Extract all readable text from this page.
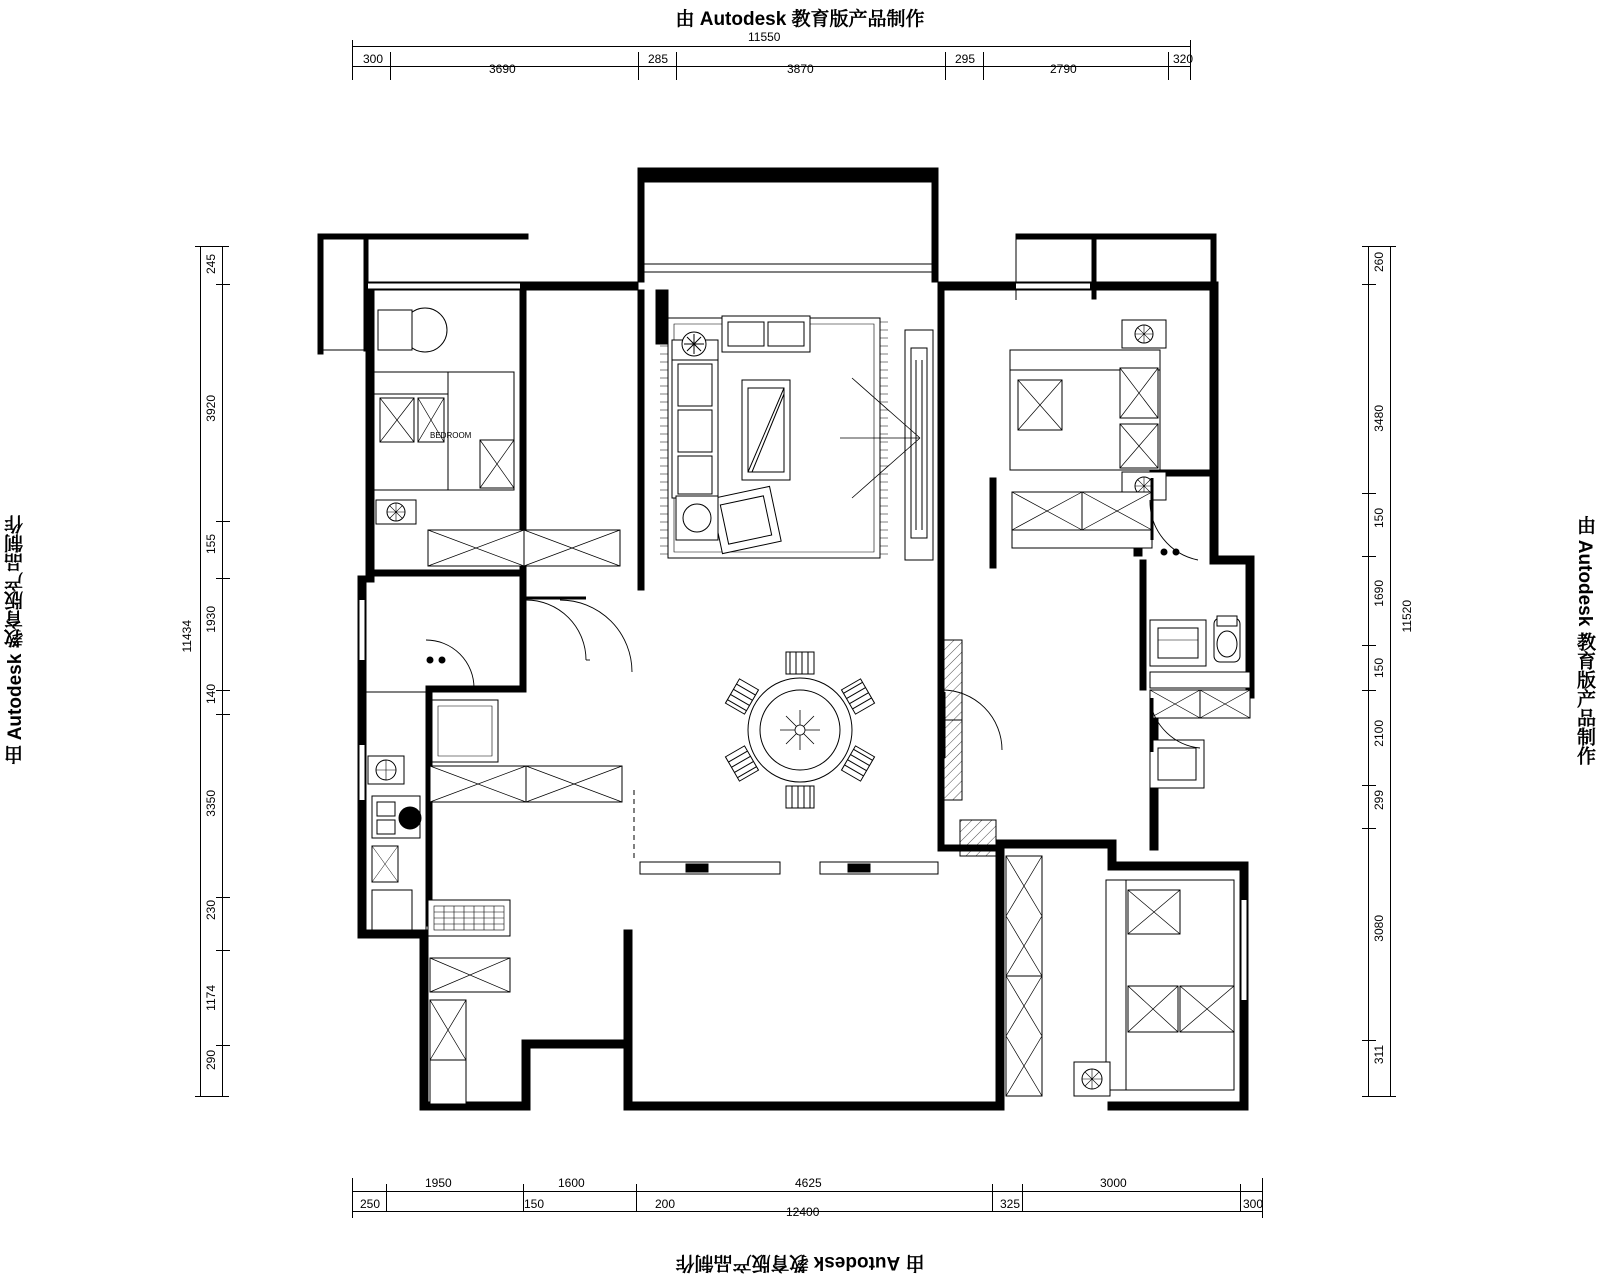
由 Autodesk 教育版产品制作
由 Autodesk 教育版产品制作
由 Autodesk 教育版产品制作	由 Autodesk 教育版产品制作
11550
300
3690
285
3870
295
2790
320
11434
245
3920
155
1930
140
3350
230
1174
290
11520
260
3480
150
1690
150
2100
299
3080
311
1950	1600	4625	3000
250	150	200	325	300
12400
BEDROOM
